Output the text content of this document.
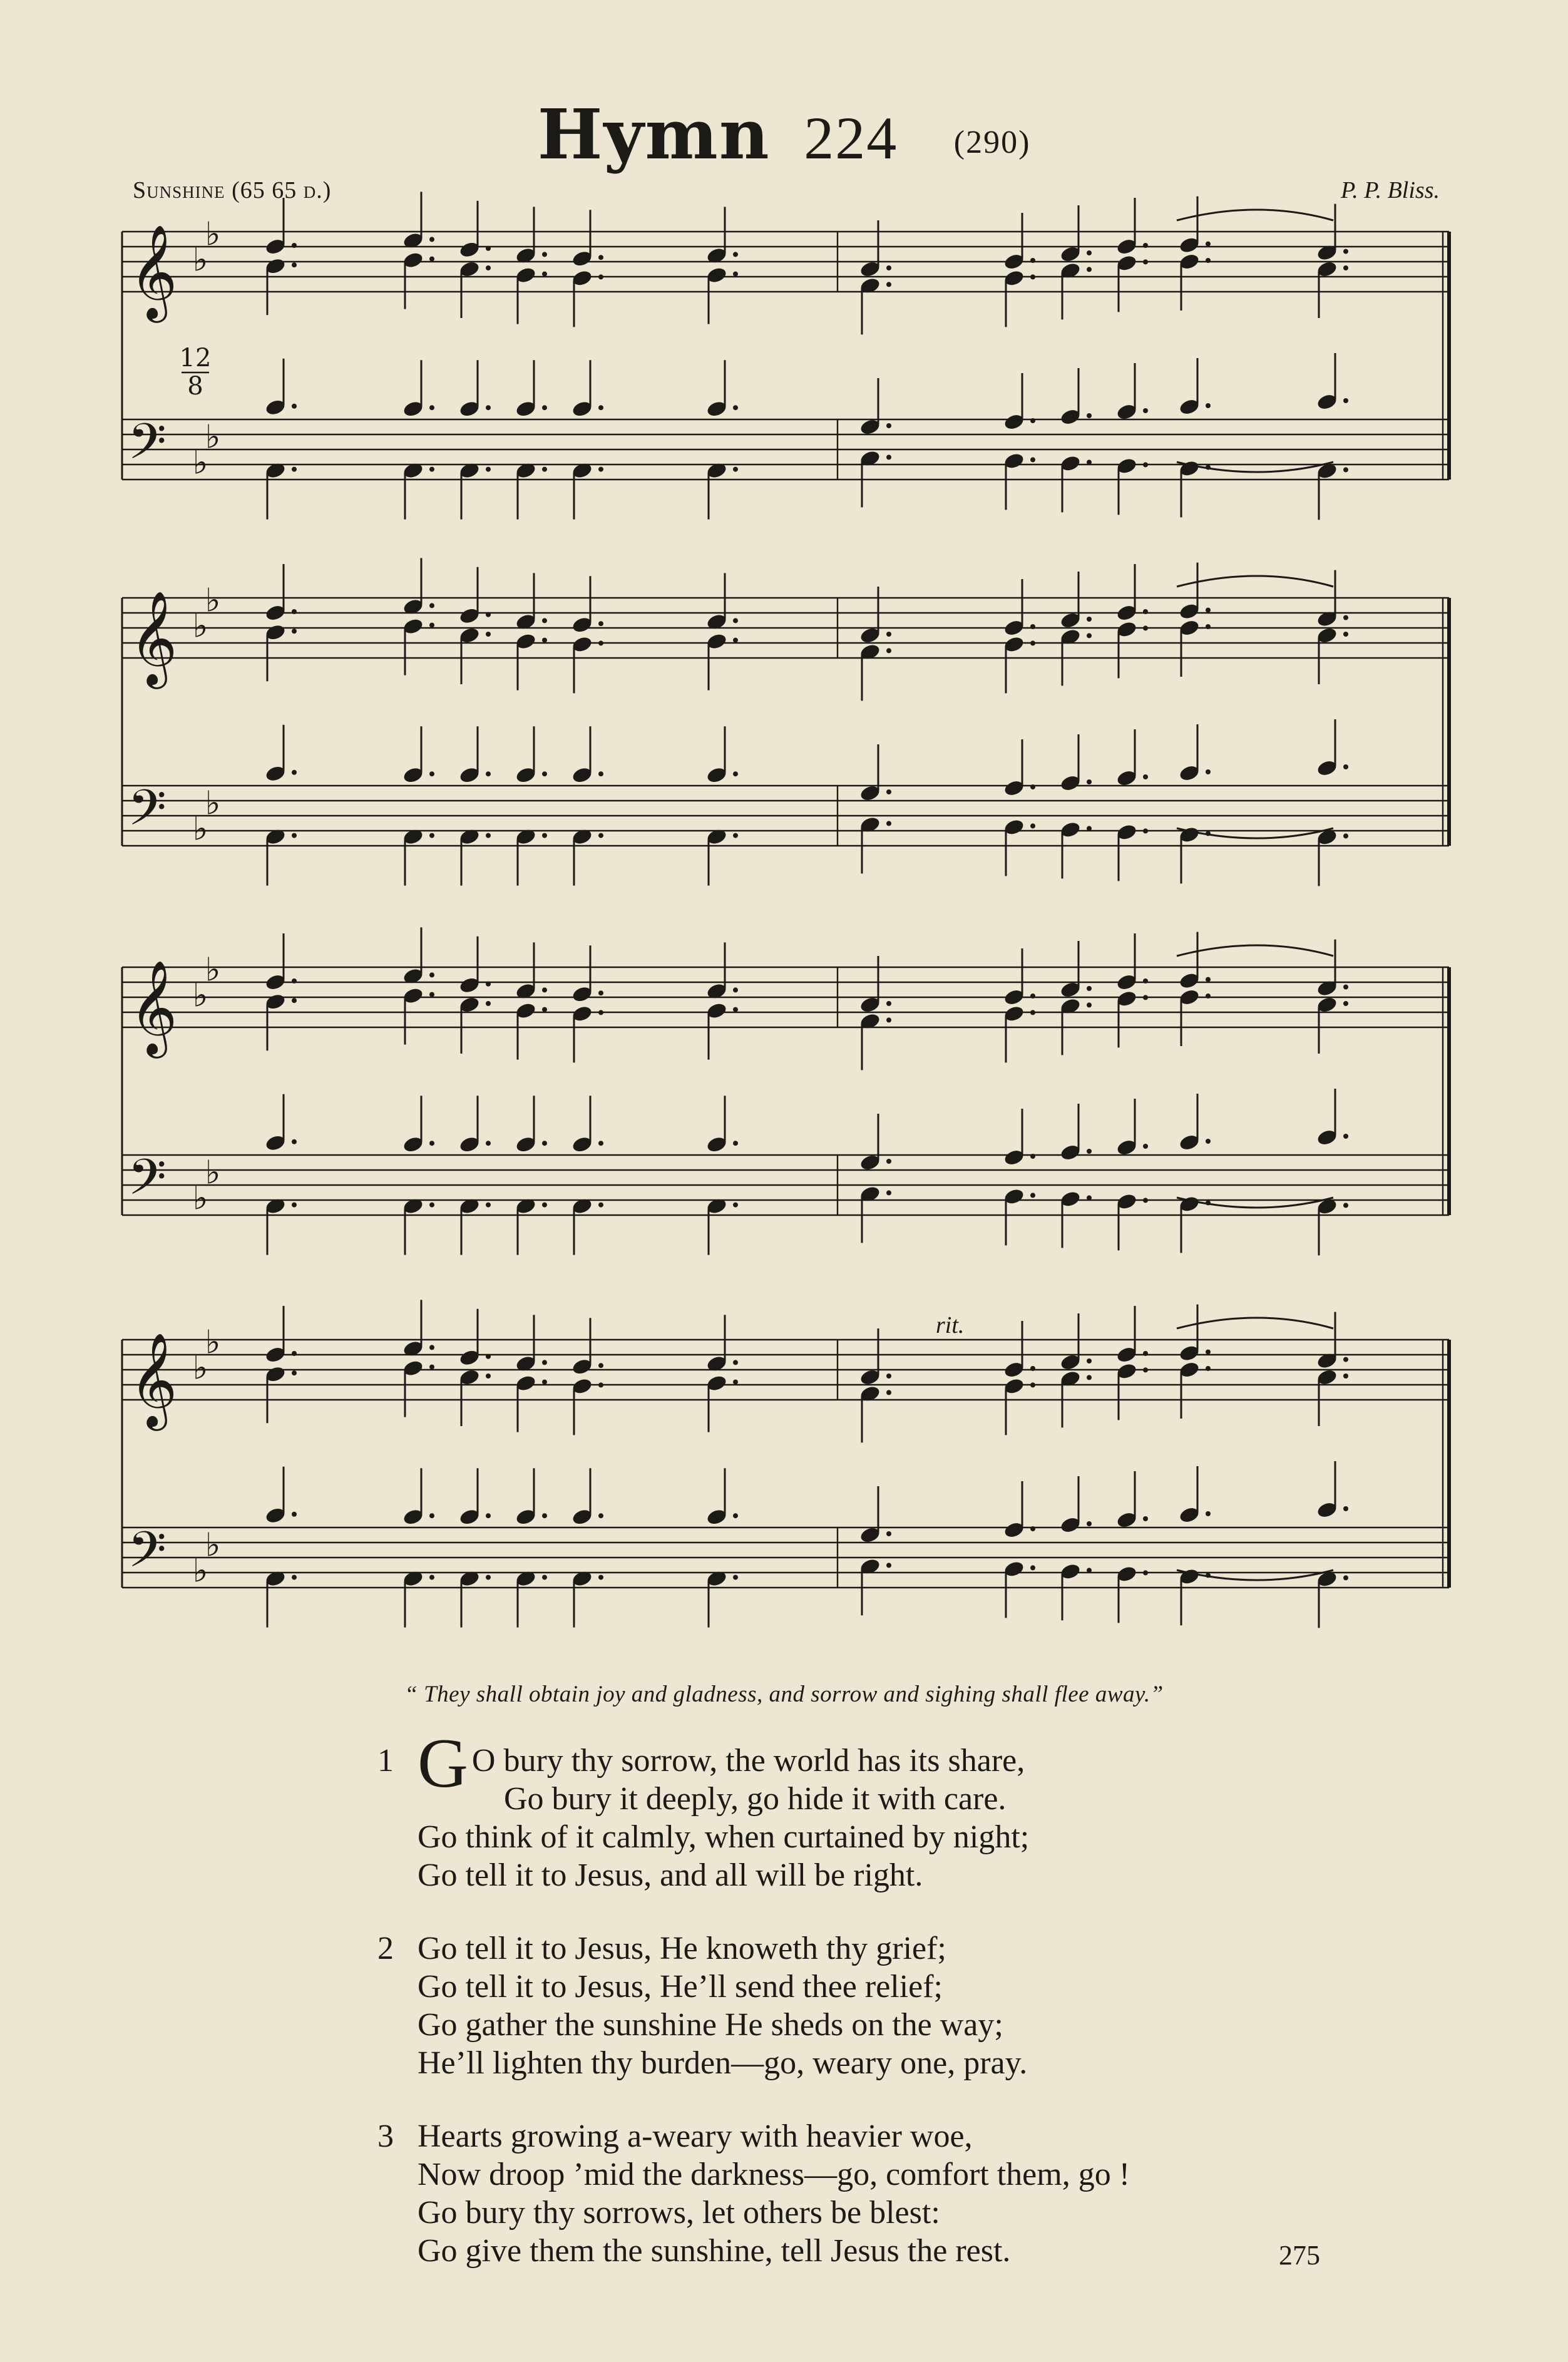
Hymn 224 (290)
Sunshine (65 65 d.)	P. P. Bliss.
rit.
𝄞
𝄢
♭
♭
♭
♭
12
8
𝄞
𝄢
♭
♭
♭
♭
𝄞
𝄢
♭
♭
♭
♭
𝄞
𝄢
♭
♭
♭
♭
“ They shall obtain joy and gladness, and sorrow and sighing shall flee away.”
1 G O bury thy sorrow, the world has its share,
Go bury it deeply, go hide it with care.
Go think of it calmly, when curtained by night;
Go tell it to Jesus, and all will be right.
2 Go tell it to Jesus, He knoweth thy grief;
Go tell it to Jesus, He’ll send thee relief;
Go gather the sunshine He sheds on the way;
He’ll lighten thy burden—go, weary one, pray.
3 Hearts growing a-weary with heavier woe,
Now droop ’mid the darkness—go, comfort them, go !
Go bury thy sorrows, let others be blest:
Go give them the sunshine, tell Jesus the rest.	275
